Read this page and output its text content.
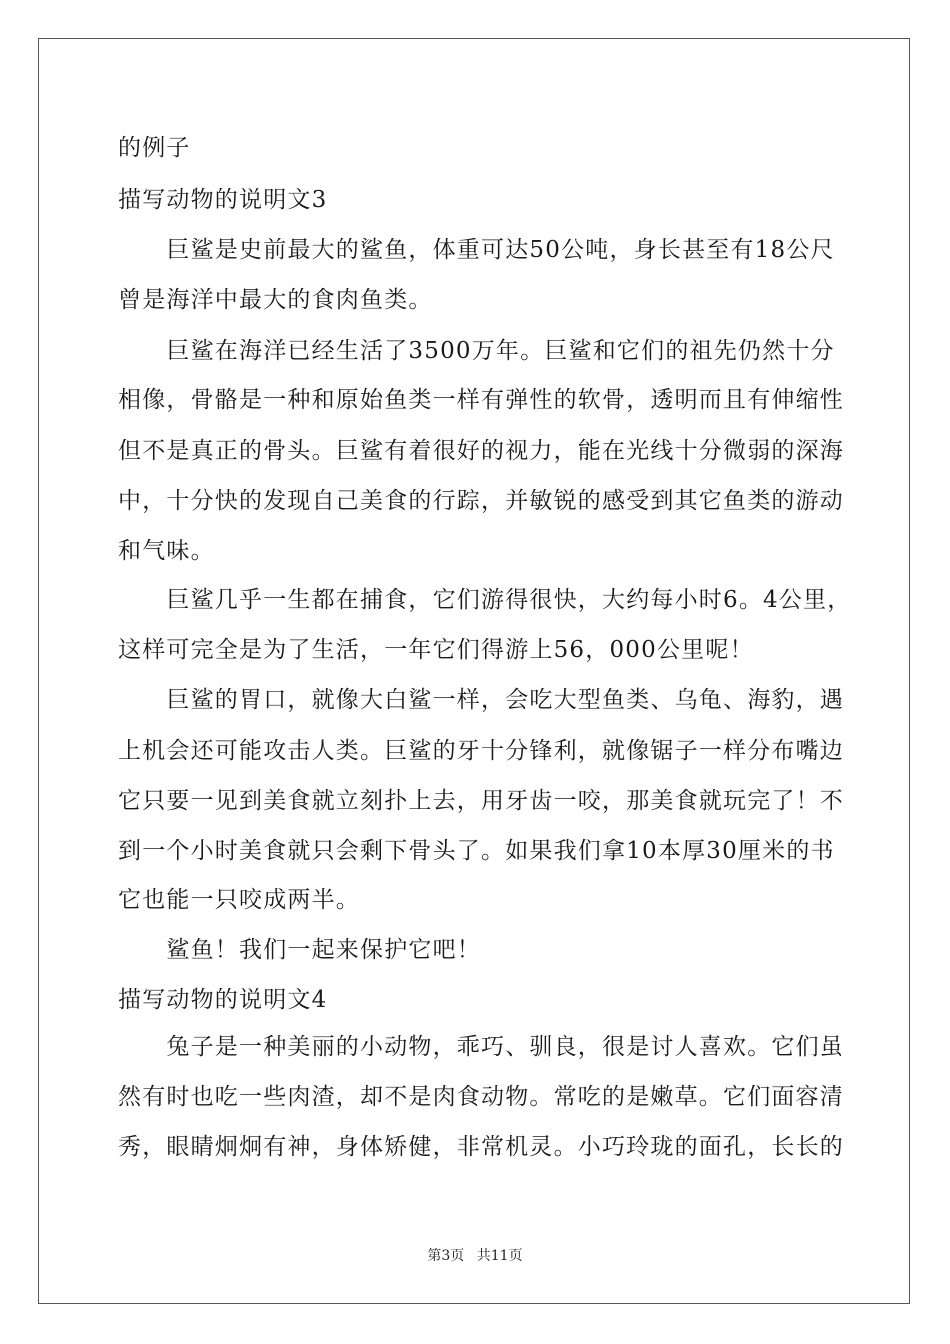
的例子
描写动物的说明文3
　　巨鲨是史前最大的鲨鱼，体重可达50公吨，身长甚至有18公尺
曾是海洋中最大的食肉鱼类。
　　巨鲨在海洋已经生活了3500万年。巨鲨和它们的祖先仍然十分
相像，骨骼是一种和原始鱼类一样有弹性的软骨，透明而且有伸缩性
但不是真正的骨头。巨鲨有着很好的视力，能在光线十分微弱的深海
中，十分快的发现自己美食的行踪，并敏锐的感受到其它鱼类的游动
和气味。
　　巨鲨几乎一生都在捕食，它们游得很快，大约每小时6。4公里，
这样可完全是为了生活，一年它们得游上56，000公里呢！
　　巨鲨的胃口，就像大白鲨一样，会吃大型鱼类、乌龟、海豹，遇
上机会还可能攻击人类。巨鲨的牙十分锋利，就像锯子一样分布嘴边
它只要一见到美食就立刻扑上去，用牙齿一咬，那美食就玩完了！不
到一个小时美食就只会剩下骨头了。如果我们拿10本厚30厘米的书
它也能一只咬成两半。
　　鲨鱼！我们一起来保护它吧！
描写动物的说明文4
　　兔子是一种美丽的小动物，乖巧、驯良，很是讨人喜欢。它们虽
然有时也吃一些肉渣，却不是肉食动物。常吃的是嫩草。它们面容清
秀，眼睛炯炯有神，身体矫健，非常机灵。小巧玲珑的面孔，长长的
第3页 共11页
